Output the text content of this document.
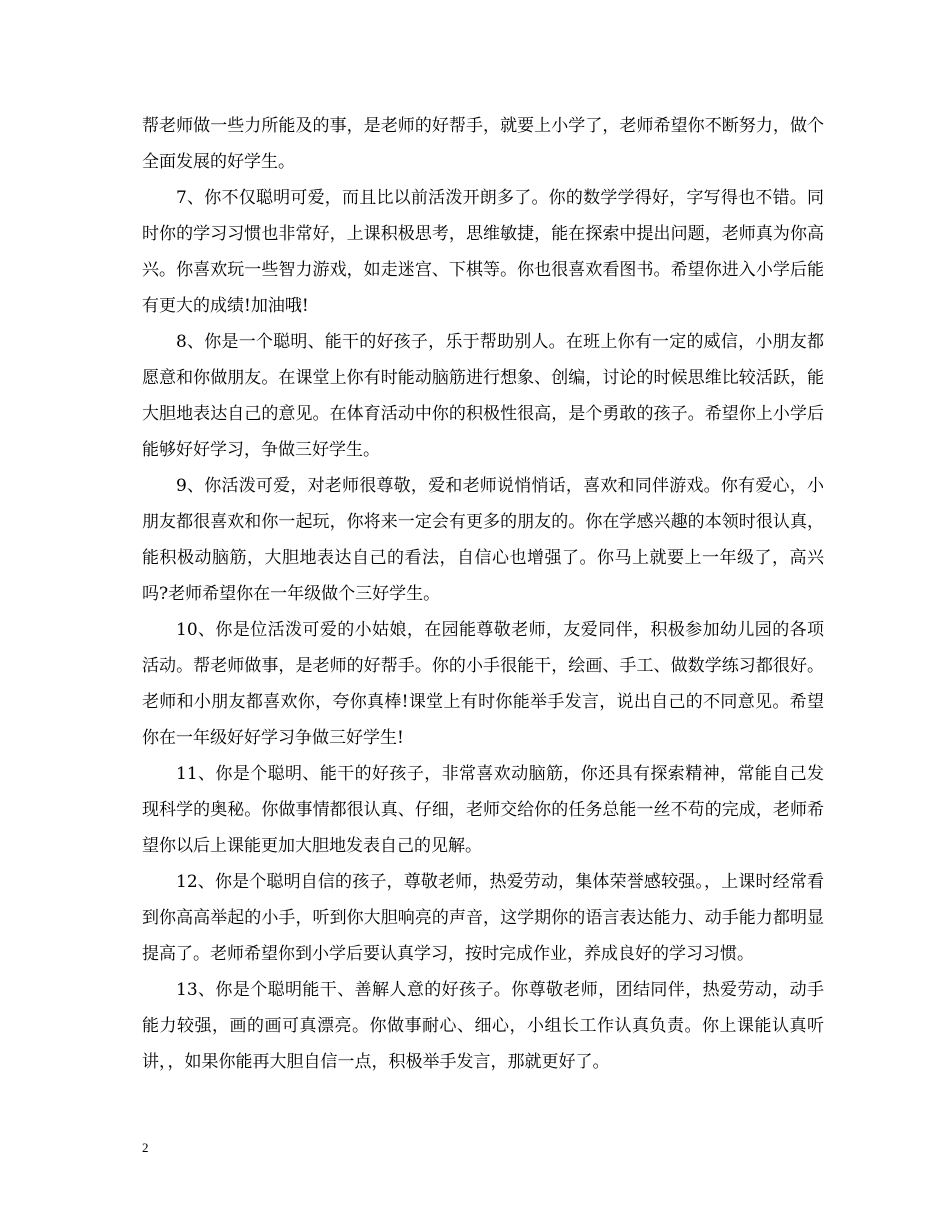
帮老师做一些力所能及的事，是老师的好帮手，就要上小学了，老师希望你不断努力，做个全面发展的好学生。

7、你不仅聪明可爱，而且比以前活泼开朗多了。你的数学学得好，字写得也不错。同时你的学习习惯也非常好，上课积极思考，思维敏捷，能在探索中提出问题，老师真为你高兴。你喜欢玩一些智力游戏，如走迷宫、下棋等。你也很喜欢看图书。希望你进入小学后能有更大的成绩!加油哦!

8、你是一个聪明、能干的好孩子，乐于帮助别人。在班上你有一定的威信，小朋友都愿意和你做朋友。在课堂上你有时能动脑筋进行想象、创编，讨论的时候思维比较活跃，能大胆地表达自己的意见。在体育活动中你的积极性很高，是个勇敢的孩子。希望你上小学后能够好好学习，争做三好学生。

9、你活泼可爱，对老师很尊敬，爱和老师说悄悄话，喜欢和同伴游戏。你有爱心，小朋友都很喜欢和你一起玩，你将来一定会有更多的朋友的。你在学感兴趣的本领时很认真，能积极动脑筋，大胆地表达自己的看法，自信心也增强了。你马上就要上一年级了，高兴吗?老师希望你在一年级做个三好学生。

10、你是位活泼可爱的小姑娘，在园能尊敬老师，友爱同伴，积极参加幼儿园的各项活动。帮老师做事，是老师的好帮手。你的小手很能干，绘画、手工、做数学练习都很好。老师和小朋友都喜欢你，夸你真棒!课堂上有时你能举手发言，说出自己的不同意见。希望你在一年级好好学习争做三好学生!

11、你是个聪明、能干的好孩子，非常喜欢动脑筋，你还具有探索精神，常能自己发现科学的奥秘。你做事情都很认真、仔细，老师交给你的任务总能一丝不苟的完成，老师希望你以后上课能更加大胆地发表自己的见解。

12、你是个聪明自信的孩子，尊敬老师，热爱劳动，集体荣誉感较强。，上课时经常看到你高高举起的小手，听到你大胆响亮的声音，这学期你的语言表达能力、动手能力都明显提高了。老师希望你到小学后要认真学习，按时完成作业，养成良好的学习习惯。

13、你是个聪明能干、善解人意的好孩子。你尊敬老师，团结同伴，热爱劳动，动手能力较强，画的画可真漂亮。你做事耐心、细心，小组长工作认真负责。你上课能认真听讲，，如果你能再大胆自信一点，积极举手发言，那就更好了。

2
